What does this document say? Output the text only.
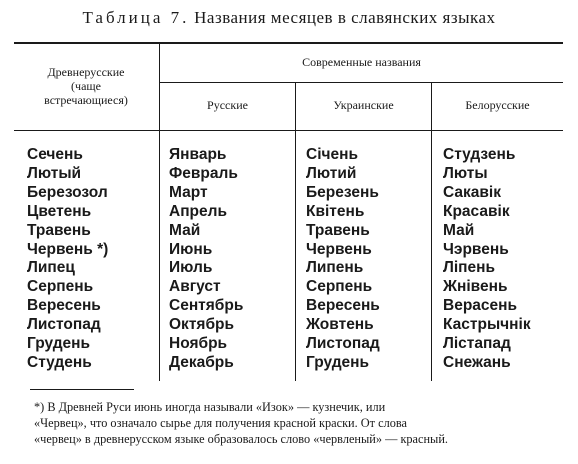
Таблица 7. Названия месяцев в славянских языках
Древнерусские
(чаще
встречающиеся)
Современные названия
Русские	Украинские	Белорусские
Сечень
Лютый
Березозол
Цветень
Травень
Червень *)
Липец
Серпень
Вересень
Листопад
Грудень
Студень
Январь
Февраль
Март
Апрель
Май
Июнь
Июль
Август
Сентябрь
Октябрь
Ноябрь
Декабрь
Січень
Лютий
Березень
Квітень
Травень
Червень
Липень
Серпень
Вересень
Жовтень
Листопад
Грудень
Студзень
Люты
Сакавік
Красавік
Май
Чэрвень
Ліпень
Жнівень
Верасень
Кастрычнік
Лістапад
Снежань
*) В Древней Руси июнь иногда называли «Изок» — кузнечик, или
«Червец», что означало сырье для получения красной краски. От слова
«червец» в древнерусском языке образовалось слово «червленый» — красный.
